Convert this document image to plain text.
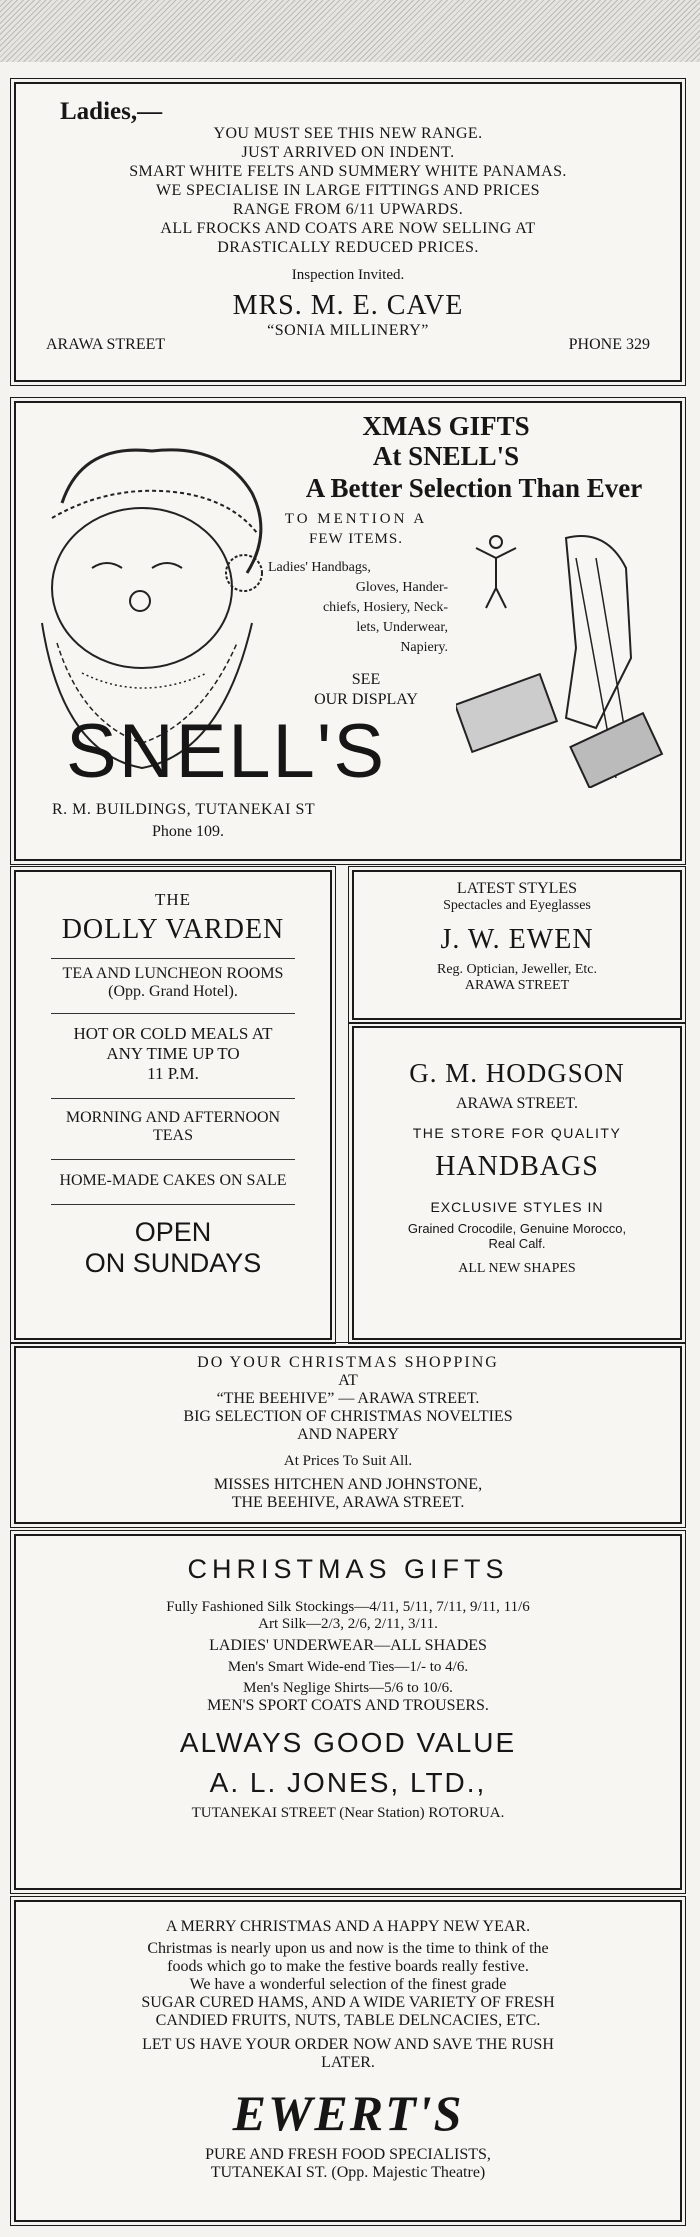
Ladies,—
YOU MUST SEE THIS NEW RANGE.
JUST ARRIVED ON INDENT.
SMART WHITE FELTS AND SUMMERY WHITE PANAMAS.
WE SPECIALISE IN LARGE FITTINGS AND PRICES
RANGE FROM 6/11 UPWARDS.
ALL FROCKS AND COATS ARE NOW SELLING AT
DRASTICALLY REDUCED PRICES.
Inspection Invited.
MRS. M. E. CAVE
“SONIA MILLINERY”
ARAWA STREET	PHONE 329
XMAS GIFTS
At SNELL'S
A Better Selection Than Ever
TO MENTION A
FEW ITEMS.
Ladies' Handbags,
Gloves, Hander-
chiefs, Hosiery, Neck-
lets, Underwear,
Napiery.
SEE
OUR DISPLAY
SNELL'S
R. M. BUILDINGS, TUTANEKAI ST
Phone 109.
THE
DOLLY VARDEN
TEA AND LUNCHEON ROOMS
(Opp. Grand Hotel).
HOT OR COLD MEALS AT
ANY TIME UP TO
11 P.M.
MORNING AND AFTERNOON
TEAS
HOME-MADE CAKES ON SALE
OPEN
ON SUNDAYS
LATEST STYLES
Spectacles and Eyeglasses
J. W. EWEN
Reg. Optician, Jeweller, Etc.
ARAWA STREET
G. M. HODGSON
ARAWA STREET.
THE STORE FOR QUALITY
HANDBAGS
EXCLUSIVE STYLES IN
Grained Crocodile, Genuine Morocco,
Real Calf.
ALL NEW SHAPES
DO YOUR CHRISTMAS SHOPPING
AT
“THE BEEHIVE” — ARAWA STREET.
BIG SELECTION OF CHRISTMAS NOVELTIES
AND NAPERY
At Prices To Suit All.
MISSES HITCHEN AND JOHNSTONE,
THE BEEHIVE, ARAWA STREET.
CHRISTMAS GIFTS
Fully Fashioned Silk Stockings—4/11, 5/11, 7/11, 9/11, 11/6
Art Silk—2/3, 2/6, 2/11, 3/11.
LADIES' UNDERWEAR—ALL SHADES
Men's Smart Wide-end Ties—1/- to 4/6.
Men's Neglige Shirts—5/6 to 10/6.
MEN'S SPORT COATS AND TROUSERS.
ALWAYS GOOD VALUE
A. L. JONES, LTD.,
TUTANEKAI STREET (Near Station) ROTORUA.
A MERRY CHRISTMAS AND A HAPPY NEW YEAR.
Christmas is nearly upon us and now is the time to think of the
foods which go to make the festive boards really festive.
We have a wonderful selection of the finest grade
SUGAR CURED HAMS, AND A WIDE VARIETY OF FRESH
CANDIED FRUITS, NUTS, TABLE DELNCACIES, ETC.
LET US HAVE YOUR ORDER NOW AND SAVE THE RUSH
LATER.
EWERT'S
PURE AND FRESH FOOD SPECIALISTS,
TUTANEKAI ST. (Opp. Majestic Theatre)
